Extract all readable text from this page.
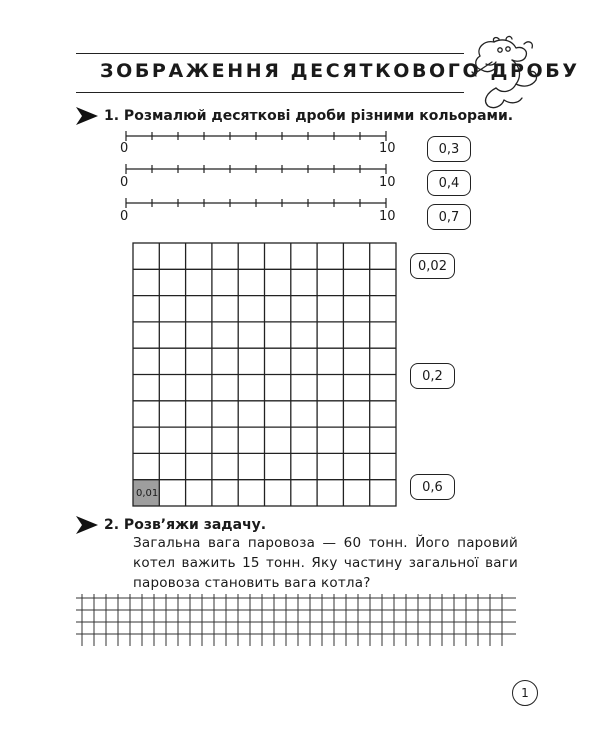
ЗОБРАЖЕННЯ ДЕСЯТКОВОГО ДРОБУ
1. Розмалюй десяткові дроби різними кольорами.
0	10	0,3
0	10	0,4
0	10	0,7
0,01
0,02
0,2
0,6
2. Розв’яжи задачу.
Загальна вага паровоза — 60 тонн. Його паровий котел важить 15 тонн. Яку частину загальної ваги паровоза становить вага котла?
1
